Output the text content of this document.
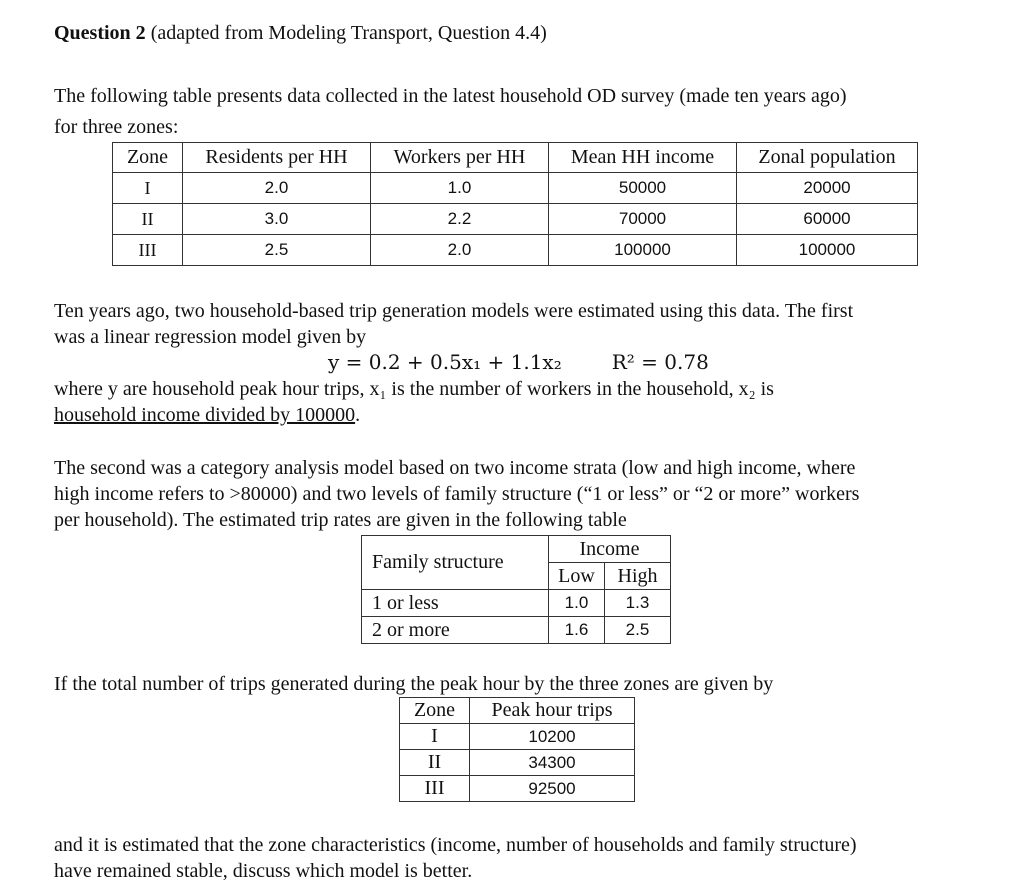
Question 2 (adapted from Modeling Transport, Question 4.4)
The following table presents data collected in the latest household OD survey (made ten years ago)
for three zones:
Zone	Residents per HH	Workers per HH	Mean HH income	Zonal population
I	2.0	1.0	50000	20000
II	3.0	2.2	70000	60000
III	2.5	2.0	100000	100000
Ten years ago, two household-based trip generation models were estimated using this data. The first
was a linear regression model given by
y = 0.2 + 0.5x₁ + 1.1x₂	R² = 0.78
where y are household peak hour trips, x₁ is the number of workers in the household, x₂ is
household income divided by 100000.
The second was a category analysis model based on two income strata (low and high income, where
high income refers to >80000) and two levels of family structure (“1 or less” or “2 or more” workers
per household). The estimated trip rates are given in the following table
Family structure	Income	
	Low	High
1 or less	1.0	1.3
2 or more	1.6	2.5
If the total number of trips generated during the peak hour by the three zones are given by
Zone	Peak hour trips
I	10200
II	34300
III	92500
and it is estimated that the zone characteristics (income, number of households and family structure)
have remained stable, discuss which model is better.
